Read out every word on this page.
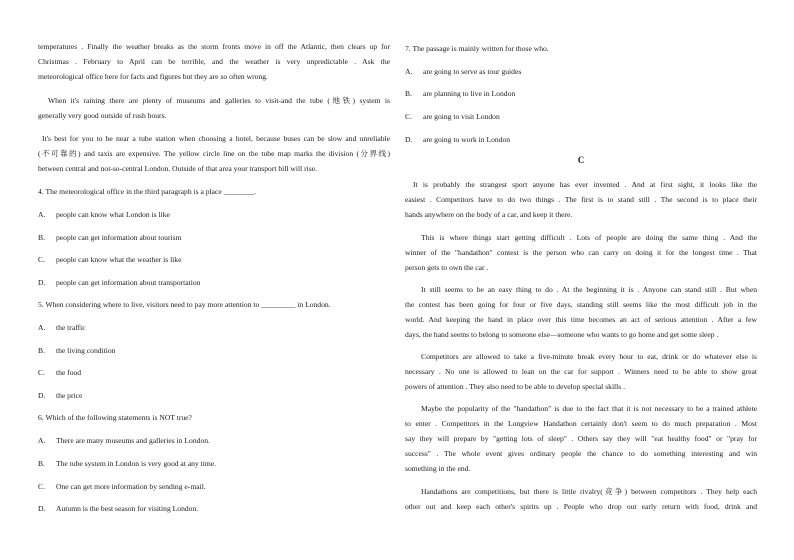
temperatures . Finally the weather breaks as the storm fronts move in off the Atlantic, then clears up for
Christmas . February to April can be terrible, and the weather is very unpredictable . Ask the
meteorological office here for facts and figures but they are so often wrong.
When it's raining there are plenty of museums and galleries to visit-and the tube (地铁) system is
generally very good outside of rush hours.
It's best for you to be near a tube station when choosing a hotel, because buses can be slow and unreliable
(不可靠的) and taxis are expensive. The yellow circle line on the tube map marks the division (分界线)
between central and not-so-central London. Outside of that area your transport bill will rise.
4. The meteorological office in the third paragraph is a place ________.
A. people can know what London is like
B. people can get information about tourism
C. people can know what the weather is like
D. people can get information about transportation
5. When considering where to live, visitors need to pay more attention to _________ in London.
A. the traffic
B. the living condition
C. the food
D. the price
6. Which of the following statements is NOT true?
A. There are many museums and galleries in London.
B. The tube system in London is very good at any time.
C. One can get more information by sending e-mail.
D. Autumn is the best season for visiting London.
7. The passage is mainly written for those who.
A. are going to serve as tour guides
B. are planning to live in London
C. are going to visit London
D. are going to work in London
C
It is probably the strangest sport anyone has ever invented . And at first sight, it looks like the
easiest . Competitors have to do two things . The first is to stand still . The second is to place their
hands anywhere on the body of a car, and keep it there.
This is where things start getting difficult . Lots of people are doing the same thing . And the
winner of the "handathon" contest is the person who can carry on doing it for the longest time . That
person gets to own the car .
It still seems to be an easy thing to do . At the beginning it is . Anyone can stand still . But when
the contest has been going for four or five days, standing still seems like the most difficult job in the
world. And keeping the hand in place over this time becomes an act of serious attention . After a few
days, the hand seems to belong to someone else—someone who wants to go home and get some sleep .
Competitors are allowed to take a five-minute break every hour to eat, drink or do whatever else is
necessary . No one is allowed to lean on the car for support . Winners need to be able to show great
powers of attention . They also need to be able to develop special skills .
Maybe the popularity of the "handathon" is due to the fact that it is not necessary to be a trained athlete
to enter . Competitors in the Longview Handathon certainly don't seem to do much preparation . Most
say they will prepare by "getting lots of sleep" . Others say they will "eat healthy food" or "pray for
success" . The whole event gives ordinary people the chance to do something interesting and win
something in the end.
Handathons are competitions, but there is little rivalry(竞争) between competitors . They help each
other out and keep each other's spirits up . People who drop out early return with food, drink and
